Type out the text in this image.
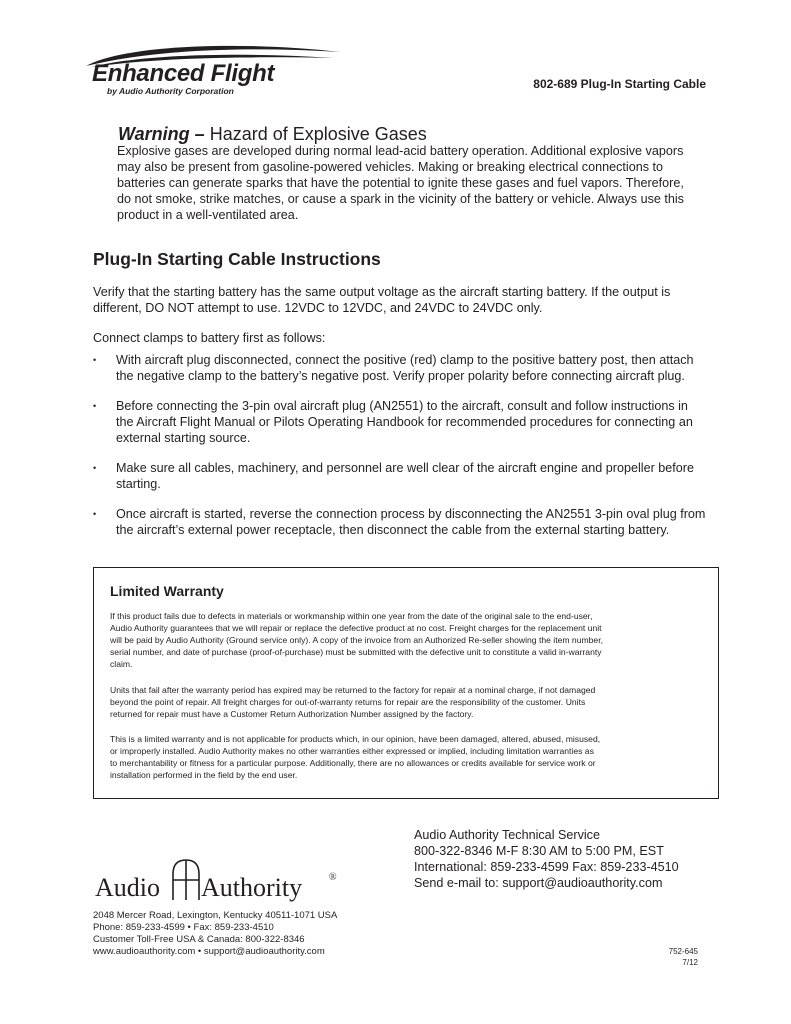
Enhanced Flight
by Audio Authority Corporation	802-689 Plug-In Starting Cable
Warning – Hazard of Explosive Gases
Explosive gases are developed during normal lead-acid battery operation. Additional explosive vapors
may also be present from gasoline-powered vehicles. Making or breaking electrical connections to
batteries can generate sparks that have the potential to ignite these gases and fuel vapors. Therefore,
do not smoke, strike matches, or cause a spark in the vicinity of the battery or vehicle. Always use this
product in a well-ventilated area.
Plug-In Starting Cable Instructions
Verify that the starting battery has the same output voltage as the aircraft starting battery. If the output is
different, DO NOT attempt to use. 12VDC to 12VDC, and 24VDC to 24VDC only.
Connect clamps to battery first as follows:
• With aircraft plug disconnected, connect the positive (red) clamp to the positive battery post, then attach
the negative clamp to the battery’s negative post. Verify proper polarity before connecting aircraft plug.
• Before connecting the 3-pin oval aircraft plug (AN2551) to the aircraft, consult and follow instructions in
the Aircraft Flight Manual or Pilots Operating Handbook for recommended procedures for connecting an
external starting source.
• Make sure all cables, machinery, and personnel are well clear of the aircraft engine and propeller before
starting.
• Once aircraft is started, reverse the connection process by disconnecting the AN2551 3-pin oval plug from
the aircraft’s external power receptacle, then disconnect the cable from the external starting battery.
Limited Warranty
If this product fails due to defects in materials or workmanship within one year from the date of the original sale to the end-user,
Audio Authority guarantees that we will repair or replace the defective product at no cost. Freight charges for the replacement unit
will be paid by Audio Authority (Ground service only). A copy of the invoice from an Authorized Re-seller showing the item number,
serial number, and date of purchase (proof-of-purchase) must be submitted with the defective unit to constitute a valid in-warranty
claim.
Units that fail after the warranty period has expired may be returned to the factory for repair at a nominal charge, if not damaged
beyond the point of repair. All freight charges for out-of-warranty returns for repair are the responsibility of the customer. Units
returned for repair must have a Customer Return Authorization Number assigned by the factory.
This is a limited warranty and is not applicable for products which, in our opinion, have been damaged, altered, abused, misused,
or improperly installed. Audio Authority makes no other warranties either expressed or implied, including limitation warranties as
to merchantability or fitness for a particular purpose. Additionally, there are no allowances or credits available for service work or
installation performed in the field by the end user.
Audio Authority Technical Service
800-322-8346 M-F 8:30 AM to 5:00 PM, EST
International: 859-233-4599 Fax: 859-233-4510
Send e-mail to: support@audioauthority.com
Audio Authority	®
2048 Mercer Road, Lexington, Kentucky 40511-1071 USA
Phone: 859-233-4599 • Fax: 859-233-4510
Customer Toll-Free USA & Canada: 800-322-8346
www.audioauthority.com • support@audioauthority.com	752-645
7/12
